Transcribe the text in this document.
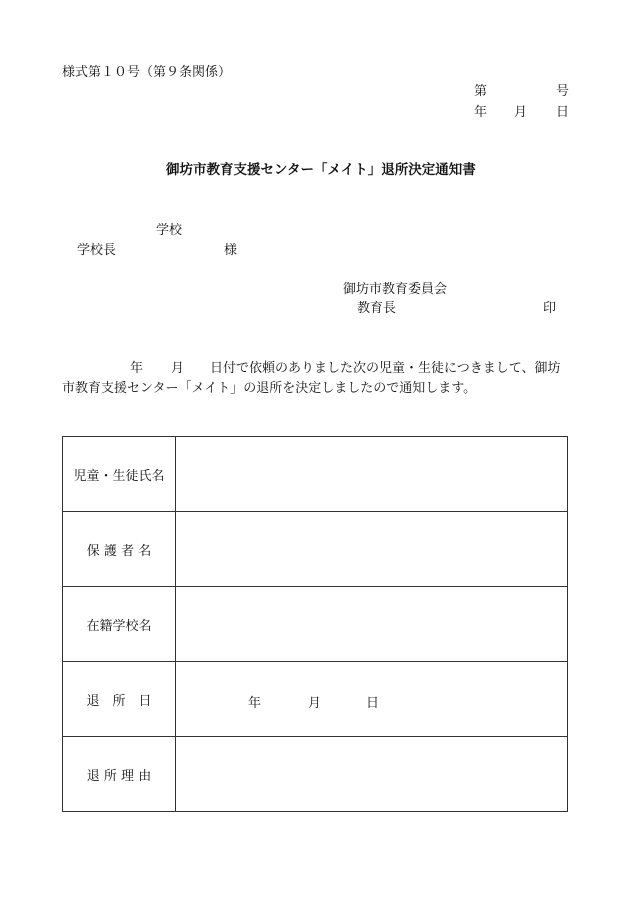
様式第１０号（第９条関係）
第	号
年 月 日
御坊市教育支援センター「メイト」退所決定通知書
学校
学校長	様
御坊市教育委員会
教育長	印
年 月 日付で依頼のありました次の児童・生徒につきまして、御坊
市教育支援センター「メイト」の退所を決定しましたので通知します。
児童・生徒氏名	
保 護 者 名	
在籍学校名	
退　所　日	年 月 日

退 所 理 由	
